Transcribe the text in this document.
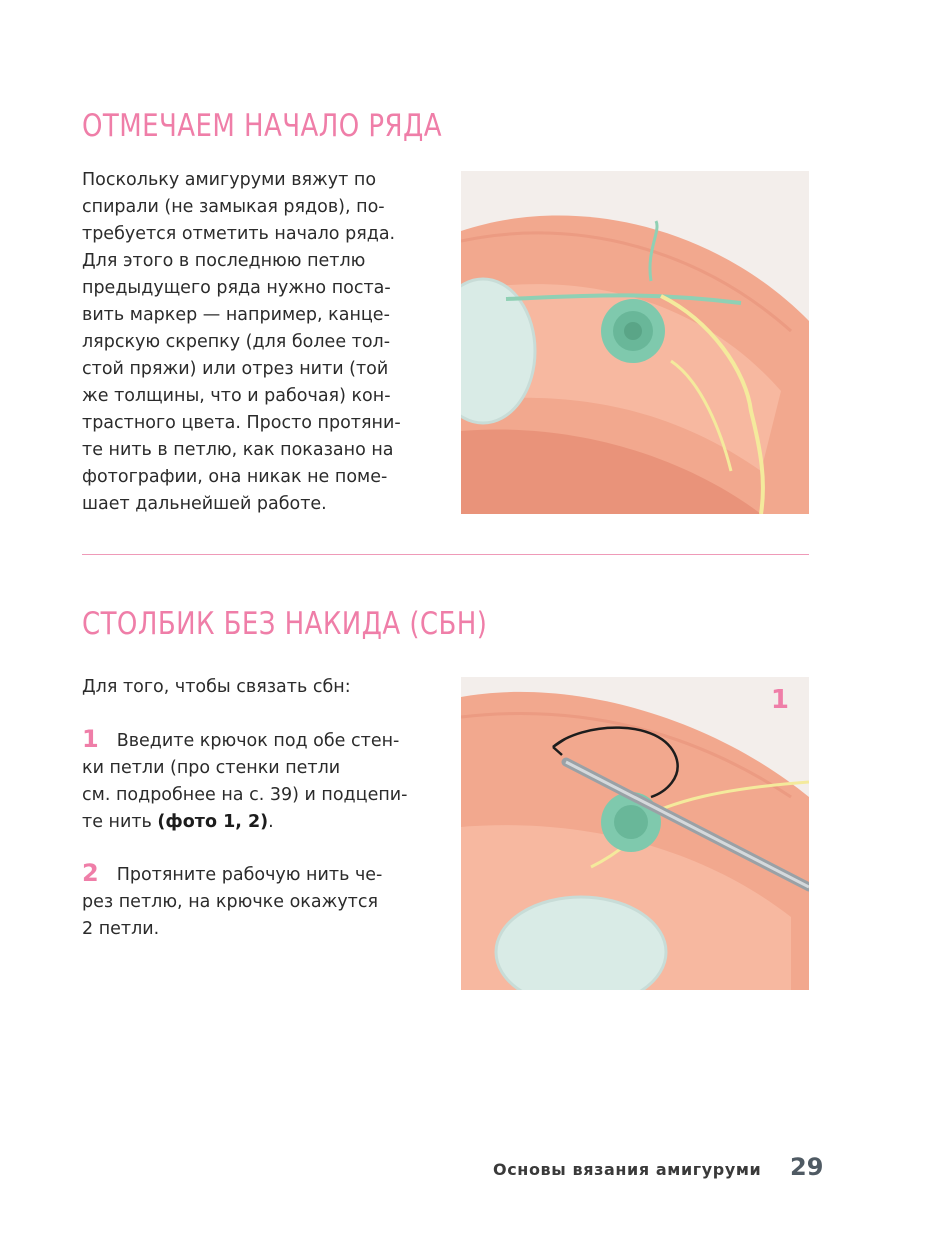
ОТМЕЧАЕМ НАЧАЛО РЯДА

Поскольку амигуруми вяжут по
спирали (не замыкая рядов), по-
требуется отметить начало ряда.
Для этого в последнюю петлю
предыдущего ряда нужно поста-
вить маркер — например, канце-
лярскую скрепку (для более тол-
стой пряжи) или отрез нити (той
же толщины, что и рабочая) кон-
трастного цвета. Просто протяни-
те нить в петлю, как показано на
фотографии, она никак не поме-
шает дальнейшей работе.

СТОЛБИК БЕЗ НАКИДА (СБН)

Для того, чтобы связать сбн:

1 Введите крючок под обе стен-
ки петли (про стенки петли
см. подробнее на с. 39) и подцепи-
те нить (фото 1, 2).

2 Протяните рабочую нить че-
рез петлю, на крючке окажутся
2 петли.

1
Основы вязания амигуруми 29
